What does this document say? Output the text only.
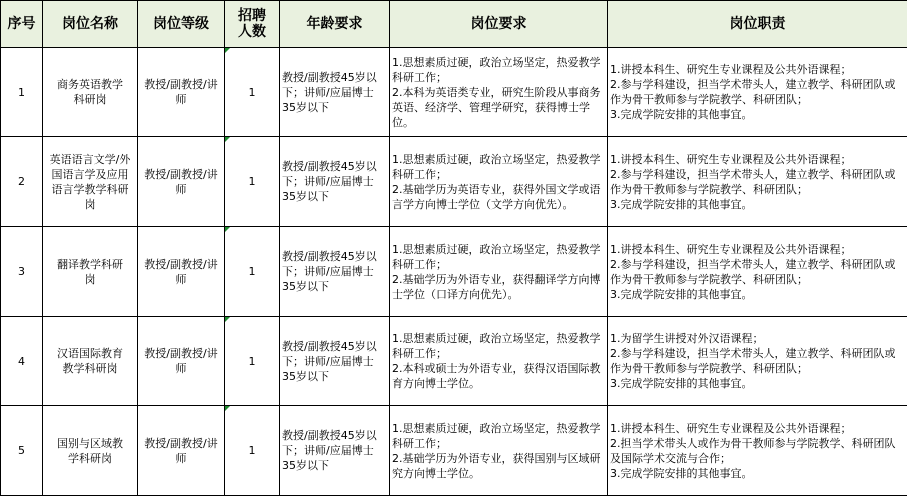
序号	岗位名称	岗位等级	招聘人数	年龄要求	岗位要求	岗位职责
1	商务英语教学科研岗	教授/副教授/讲师	1	教授/副教授45岁以下；讲师/应届博士35岁以下	1.思想素质过硬，政治立场坚定，热爱教学科研工作；
2.本科为英语类专业，研究生阶段从事商务英语、经济学、管理学研究，获得博士学位。	1.讲授本科生、研究生专业课程及公共外语课程；
2.参与学科建设，担当学术带头人，建立教学、科研团队或作为骨干教师参与学院教学、科研团队；
3.完成学院安排的其他事宜。

2	英语语言文学/外国语言学及应用语言学教学科研岗	教授/副教授/讲师	1	教授/副教授45岁以下；讲师/应届博士35岁以下	1.思想素质过硬，政治立场坚定，热爱教学科研工作；
2.基础学历为英语专业，获得外国文学或语言学方向博士学位（文学方向优先）。	1.讲授本科生、研究生专业课程及公共外语课程；
2.参与学科建设，担当学术带头人，建立教学、科研团队或作为骨干教师参与学院教学、科研团队；
3.完成学院安排的其他事宜。

3	翻译教学科研岗	教授/副教授/讲师	1	教授/副教授45岁以下；讲师/应届博士35岁以下	1.思想素质过硬，政治立场坚定，热爱教学科研工作；
2.基础学历为外语专业，获得翻译学方向博士学位（口译方向优先）。	1.讲授本科生、研究生专业课程及公共外语课程；
2.参与学科建设，担当学术带头人，建立教学、科研团队或作为骨干教师参与学院教学、科研团队；
3.完成学院安排的其他事宜。

4	汉语国际教育教学科研岗	教授/副教授/讲师	1	教授/副教授45岁以下；讲师/应届博士35岁以下	1.思想素质过硬，政治立场坚定，热爱教学科研工作；
2.本科或硕士为外语专业，获得汉语国际教育方向博士学位。	1.为留学生讲授对外汉语课程；
2.参与学科建设，担当学术带头人，建立教学、科研团队或作为骨干教师参与学院教学、科研团队；
3.完成学院安排的其他事宜。

5	国别与区域教学科研岗	教授/副教授/讲师	1	教授/副教授45岁以下；讲师/应届博士35岁以下	1.思想素质过硬，政治立场坚定，热爱教学科研工作；
2.基础学历为外语专业，获得国别与区域研究方向博士学位。	1.讲授本科生、研究生专业课程及公共外语课程；
2.担当学术带头人或作为骨干教师参与学院教学、科研团队及国际学术交流与合作；
3.完成学院安排的其他事宜。
